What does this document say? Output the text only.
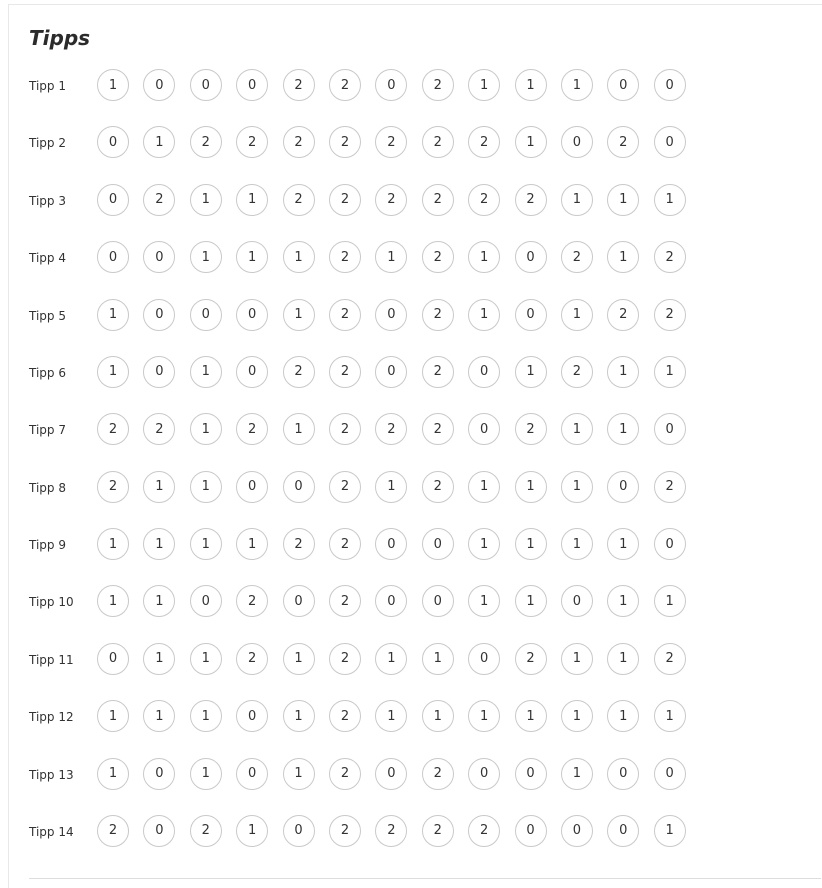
Tipps
Tipp 1	1	0	0	0	2	2	0	2	1	1	1	0	0
Tipp 2	0	1	2	2	2	2	2	2	2	1	0	2	0
Tipp 3	0	2	1	1	2	2	2	2	2	2	1	1	1
Tipp 4	0	0	1	1	1	2	1	2	1	0	2	1	2
Tipp 5	1	0	0	0	1	2	0	2	1	0	1	2	2
Tipp 6	1	0	1	0	2	2	0	2	0	1	2	1	1
Tipp 7	2	2	1	2	1	2	2	2	0	2	1	1	0
Tipp 8	2	1	1	0	0	2	1	2	1	1	1	0	2
Tipp 9	1	1	1	1	2	2	0	0	1	1	1	1	0
Tipp 10	1	1	0	2	0	2	0	0	1	1	0	1	1
Tipp 11	0	1	1	2	1	2	1	1	0	2	1	1	2
Tipp 12	1	1	1	0	1	2	1	1	1	1	1	1	1
Tipp 13	1	0	1	0	1	2	0	2	0	0	1	0	0
Tipp 14	2	0	2	1	0	2	2	2	2	0	0	0	1
